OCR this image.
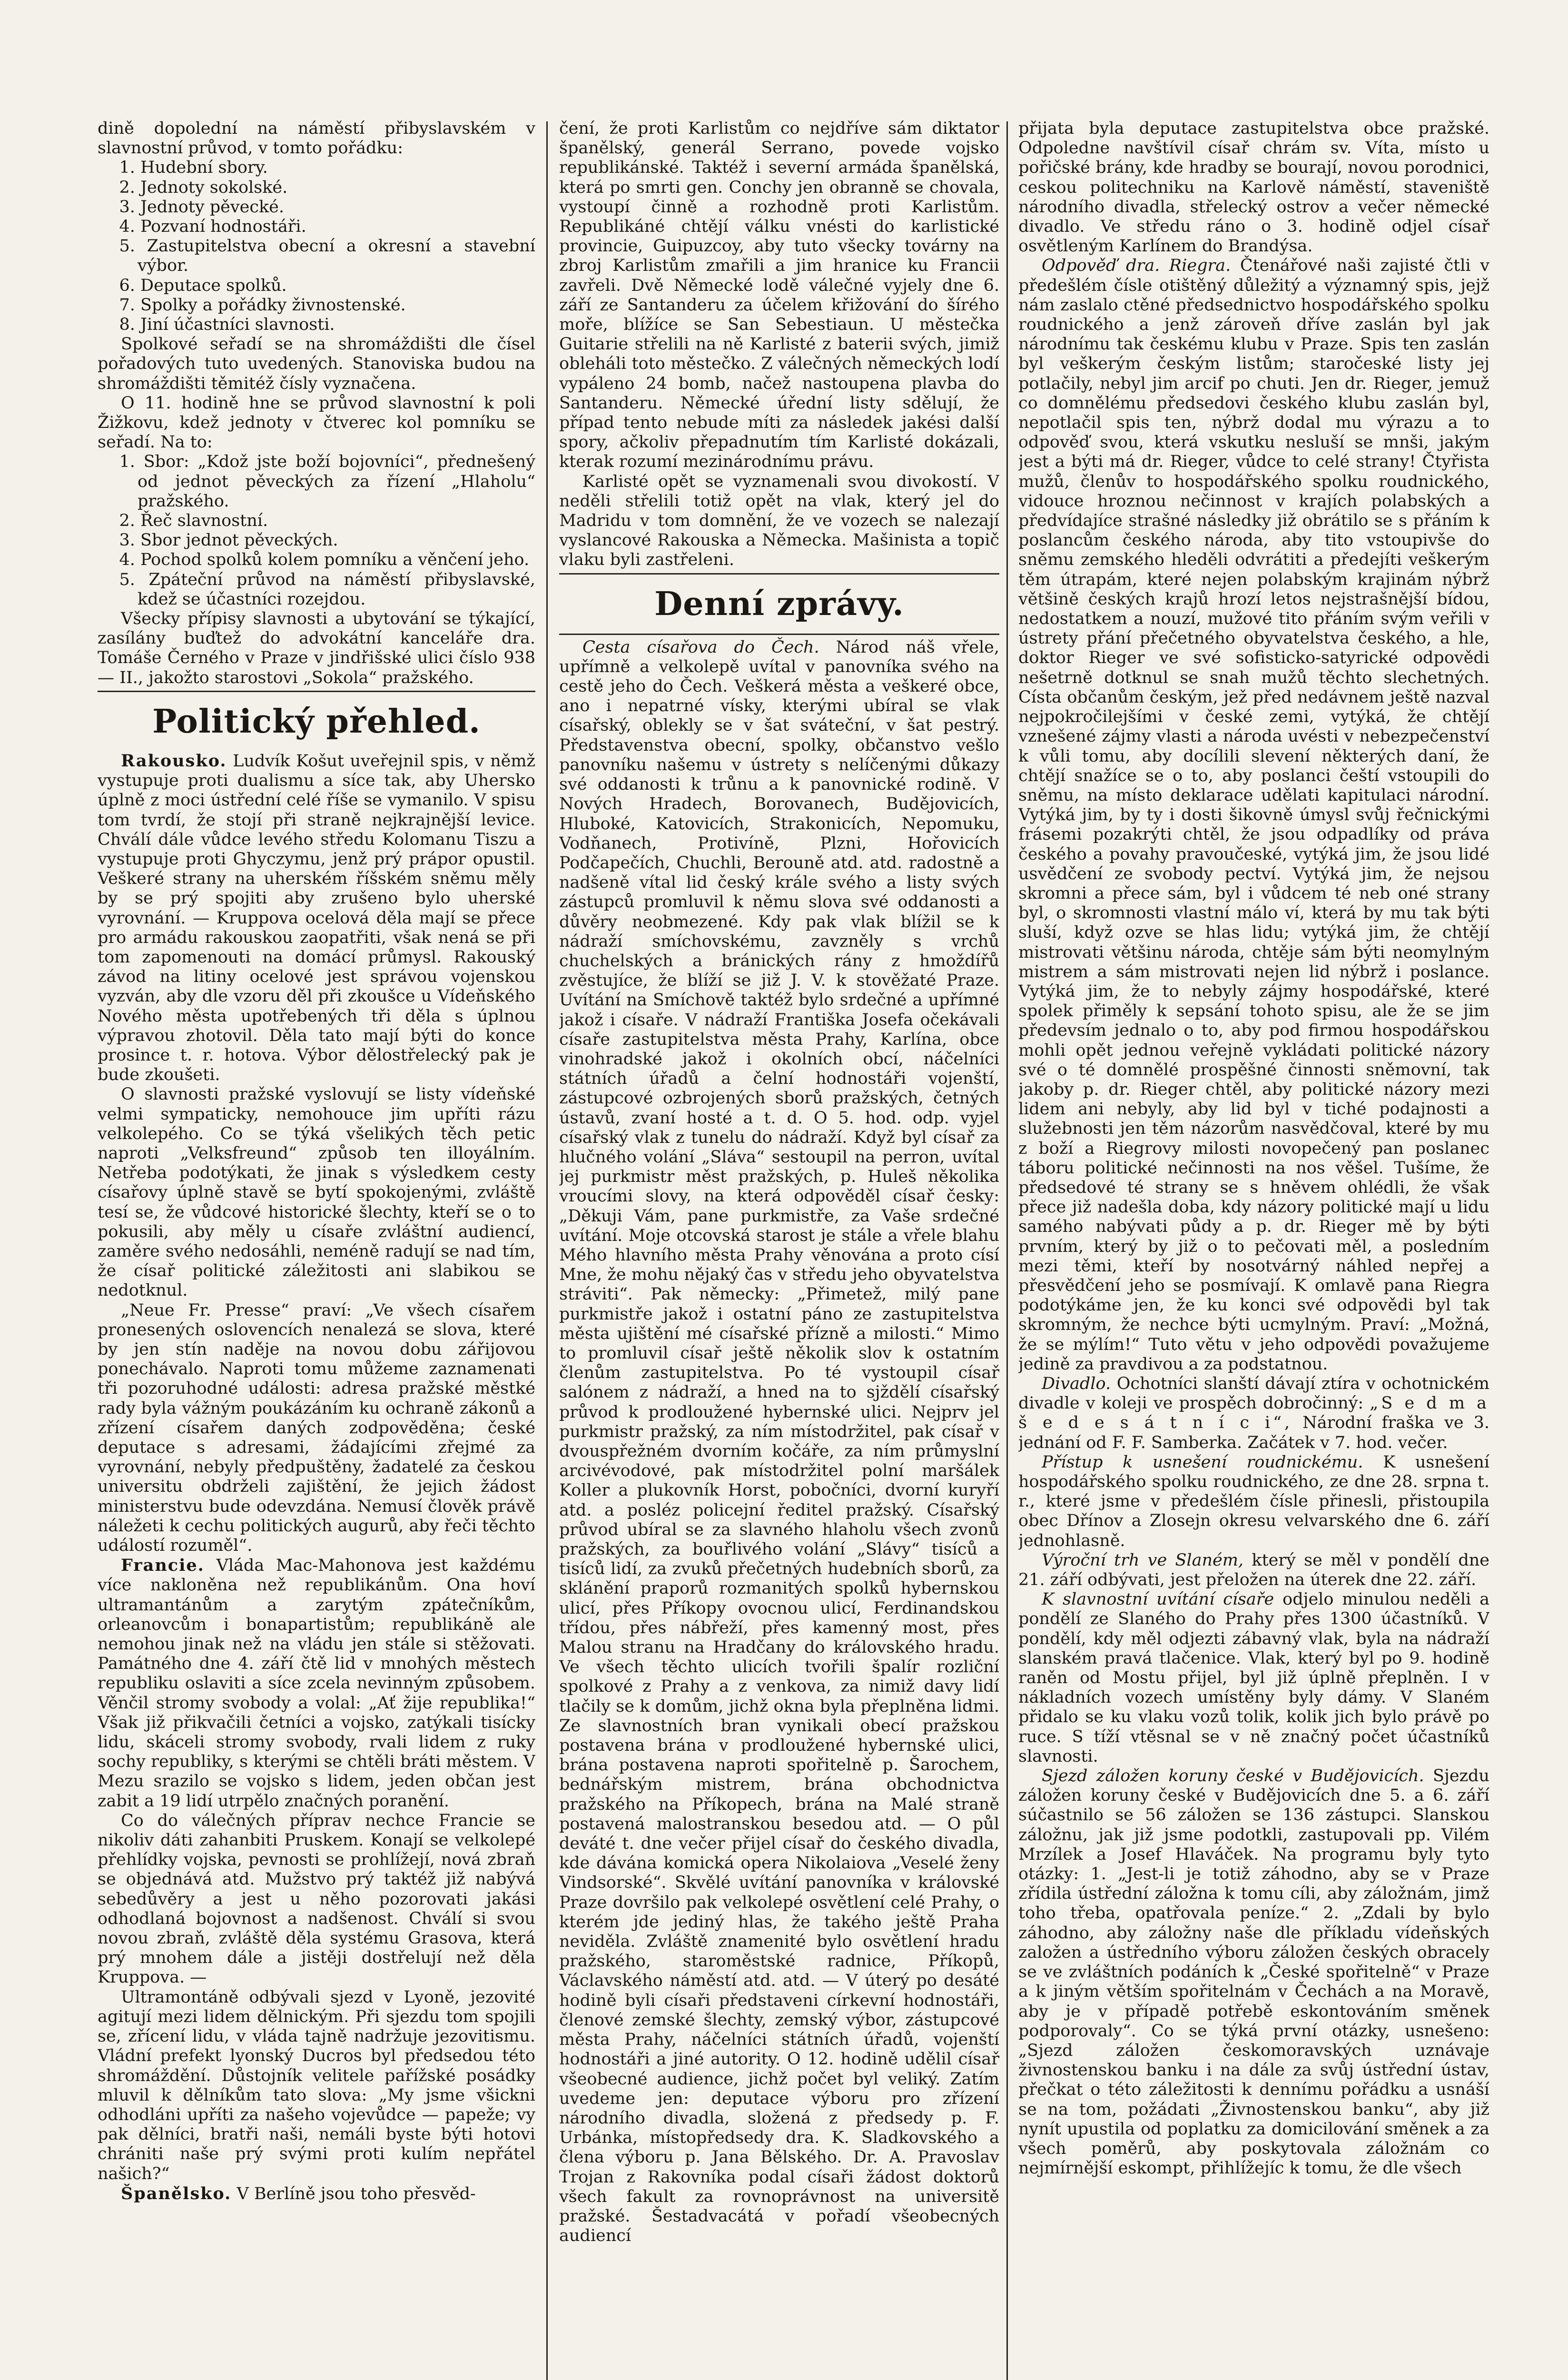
dině dopolední na náměstí přibyslavském v slavnostní průvod, v tomto pořádku:

1. Hudební sbory.
2. Jednoty sokolské.
3. Jednoty pěvecké.
4. Pozvaní hodnostáři.
5. Zastupitelstva obecní a okresní a stavební výbor.
6. Deputace spolků.
7. Spolky a pořádky živnostenské.
8. Jiní účastníci slavnosti.

Spolkové seřadí se na shromáždišti dle čísel pořadových tuto uvedených. Stanoviska budou na shromáždišti těmitéž čísly vyznačena.

O 11. hodině hne se průvod slavnostní k poli Žižkovu, kdež jednoty v čtverec kol pomníku se seřadí. Na to:

1. Sbor: „Kdož jste boží bojovníci“, přednešený od jednot pěveckých za řízení „Hlaholu“ pražského.
2. Řeč slavnostní.
3. Sbor jednot pěveckých.
4. Pochod spolků kolem pomníku a věnčení jeho.
5. Zpáteční průvod na náměstí přibyslavské, kdež se účastníci rozejdou.

Všecky přípisy slavnosti a ubytování se týkající, zasílány buďtež do advokátní kanceláře dra. Tomáše Černého v Praze v jindřišské ulici číslo 938 — II., jakožto starostovi „Sokola“ pražského.

Politický přehled.

Rakousko. Ludvík Košut uveřejnil spis, v němž vystupuje proti dualismu a síce tak, aby Uhersko úplně z moci ústřední celé říše se vymanilo. V spisu tom tvrdí, že stojí při straně nejkrajnější levice. Chválí dále vůdce levého středu Kolomanu Tiszu a vystupuje proti Ghyczymu, jenž prý prápor opustil. Veškeré strany na uherském říšském sněmu měly by se prý spojiti aby zrušeno bylo uherské vyrovnání. — Kruppova ocelová děla mají se přece pro armádu rakouskou zaopatřiti, však nená se při tom zapomenouti na domácí průmysl. Rakouský závod na litiny ocelové jest správou vojenskou vyzván, aby dle vzoru děl při zkoušce u Vídeňského Nového města upotřebených tři děla s úplnou výpravou zhotovil. Děla tato mají býti do konce prosince t. r. hotova. Výbor dělostřelecký pak je bude zkoušeti.

O slavnosti pražské vyslovují se listy vídeňské velmi sympaticky, nemohouce jim upříti rázu velkolepého. Co se týká všelikých těch petic naproti „Velksfreund“ způsob ten illoyálním. Netřeba podotýkati, že jinak s výsledkem cesty císařovy úplně stavě se bytí spokojenými, zvláště tesí se, že vůdcové historické šlechty, kteří se o to pokusili, aby měly u císaře zvláštní audiencí, zaměre svého nedosáhli, neméně radují se nad tím, že císař politické záležitosti ani slabikou se nedotknul.

„Neue Fr. Presse“ praví: „Ve všech císařem pronesených oslovencích nenalezá se slova, které by jen stín naděje na novou dobu zářijovou ponechávalo. Naproti tomu můžeme zaznamenati tři pozoruhodné události: adresa pražské městké rady byla vážným poukázáním ku ochraně zákonů a zřízení císařem daných zodpověděna; české deputace s adresami, žádajícími zřejmé za vyrovnání, nebyly předpuštěny, žadatelé za českou universitu obdrželi zajištění, že jejich žádost ministerstvu bude odevzdána. Nemusí člověk právě náležeti k cechu politických augurů, aby řeči těchto událostí rozuměl“.

Francie. Vláda Mac-Mahonova jest každému více nakloněna než republikánům. Ona hoví ultramantánům a zarytým zpátečníkům, orleanovcům i bonapartistům; republikáně ale nemohou jinak než na vládu jen stále si stěžovati. Památného dne 4. září čtě lid v mnohých městech republiku oslaviti a síce zcela nevinným způsobem. Věnčil stromy svobody a volal: „Ať žije republika!“ Však již přikvačili četníci a vojsko, zatýkali tisícky lidu, skáceli stromy svobody, rvali lidem z ruky sochy republiky, s kterými se chtěli bráti městem. V Mezu srazilo se vojsko s lidem, jeden občan jest zabit a 19 lidí utrpělo značných poranění.

Co do válečných příprav nechce Francie se nikoliv dáti zahanbiti Pruskem. Konají se velkolepé přehlídky vojska, pevnosti se prohlížejí, nová zbraň se objednává atd. Mužstvo prý taktéž již nabývá sebedůvěry a jest u něho pozorovati jakási odhodlaná bojovnost a nadšenost. Chválí si svou novou zbraň, zvláště děla systému Grasova, která prý mnohem dále a jistěji dostřelují než děla Kruppova. —

Ultramontáně odbývali sjezd v Lyoně, jezovité agitují mezi lidem dělnickým. Při sjezdu tom spojili se, zřícení lidu, v vláda tajně nadržuje jezovitismu. Vládní prefekt lyonský Ducros byl předsedou této shromáždění. Důstojník velitele pařížské posádky mluvil k dělníkům tato slova: „My jsme všickni odhodláni upříti za našeho vojevůdce — papeže; vy pak dělníci, bratři naši, nemáli byste býti hotovi chrániti naše prý svými proti kulím nepřátel našich?“

Španělsko. V Berlíně jsou toho přesvěd-

čení, že proti Karlistům co nejdříve sám diktator španělský, generál Serrano, povede vojsko republikánské. Taktéž i severní armáda španělská, která po smrti gen. Conchy jen obranně se chovala, vystoupí činně a rozhodně proti Karlistům. Republikáné chtějí válku vnésti do karlistické provincie, Guipuzcoy, aby tuto všecky továrny na zbroj Karlistům zmařili a jim hranice ku Francii zavřeli. Dvě Německé lodě válečné vyjely dne 6. září ze Santanderu za účelem křižování do šírého moře, blížíce se San Sebestiaun. U městečka Guitarie střelili na ně Karlisté z baterii svých, jimiž obleháli toto městečko. Z válečných německých lodí vypáleno 24 bomb, načež nastoupena plavba do Santanderu. Německé úřední listy sdělují, že případ tento nebude míti za následek jakési další spory, ačkoliv přepadnutím tím Karlisté dokázali, kterak rozumí mezinárodnímu právu.

Karlisté opět se vyznamenali svou divokostí. V neděli střelili totiž opět na vlak, který jel do Madridu v tom domnění, že ve vozech se nalezají vyslancové Rakouska a Německa. Mašinista a topič vlaku byli zastřeleni.

Denní zprávy.

Cesta císařova do Čech. Národ náš vřele, upřímně a velkolepě uvítal v panovníka svého na cestě jeho do Čech. Veškerá města a veškeré obce, ano i nepatrné vísky, kterými ubíral se vlak císařský, oblekly se v šat sváteční, v šat pestrý. Představenstva obecní, spolky, občanstvo vešlo panovníku našemu v ústrety s nelíčenými důkazy své oddanosti k trůnu a k panovnické rodině. V Nových Hradech, Borovanech, Budějovicích, Hluboké, Katovicích, Strakonicích, Nepomuku, Vodňanech, Protivíně, Plzni, Hořovicích Podčapečích, Chuchli, Berouně atd. atd. radostně a nadšeně vítal lid český krále svého a listy svých zástupců promluvil k němu slova své oddanosti a důvěry neobmezené. Kdy pak vlak blížil se k nádraží smíchovskému, zavzněly s vrchů chuchelských a bránických rány z hmoždířů zvěstujíce, že blíží se již J. V. k stověžaté Praze. Uvítání na Smíchově taktéž bylo srdečné a upřímné jakož i císaře. V nádraží Františka Josefa očekávali císaře zastupitelstva města Prahy, Karlína, obce vinohradské jakož i okolních obcí, náčelníci státních úřadů a čelní hodnostáři vojenští, zástupcové ozbrojených sborů pražských, četných ústavů, zvaní hosté a t. d. O 5. hod. odp. vyjel císařský vlak z tunelu do nádraží. Když byl císař za hlučného volání „Sláva“ sestoupil na perron, uvítal jej purkmistr měst pražských, p. Huleš několika vroucími slovy, na která odpověděl císař česky: „Děkuji Vám, pane purkmistře, za Vaše srdečné uvítání. Moje otcovská starost je stále a vřele blahu Mého hlavního města Prahy věnována a proto císí Mne, že mohu nějaký čas v středu jeho obyvatelstva stráviti“. Pak německy: „Přimetež, milý pane purkmistře jakož i ostatní páno ze zastupitelstva města ujištění mé císařské přízně a milosti.“ Mimo to promluvil císař ještě několik slov k ostatním členům zastupitelstva. Po té vystoupil císař salónem z nádraží, a hned na to sjždělí císařský průvod k prodloužené hybernské ulici. Nejprv jel purkmistr pražský, za ním místodržitel, pak císař v dvouspřežném dvorním kočáře, za ním průmyslní arcivévodové, pak místodržitel polní maršálek Koller a plukovník Horst, pobočníci, dvorní kuryří atd. a posléz policejní ředitel pražský. Císařský průvod ubíral se za slavného hlaholu všech zvonů pražských, za bouřlivého volání „Slávy“ tisíců a tisíců lidí, za zvuků přečetných hudebních sborů, za sklánění praporů rozmanitých spolků hybernskou ulicí, přes Příkopy ovocnou ulicí, Ferdinandskou třídou, přes nábřeží, přes kamenný most, přes Malou stranu na Hradčany do královského hradu. Ve všech těchto ulicích tvořili špalír rozliční spolkové z Prahy a z venkova, za nimiž davy lidí tlačily se k domům, jichž okna byla přeplněna lidmi. Ze slavnostních bran vynikali obecí pražskou postavena brána v prodloužené hybernské ulici, brána postavena naproti spořitelně p. Šarochem, bednářským mistrem, brána obchodnictva pražského na Příkopech, brána na Malé straně postavená malostranskou besedou atd. — O půl deváté t. dne večer přijel císař do českého divadla, kde dávána komická opera Nikolaiova „Veselé ženy Vindsorské“. Skvělé uvítání panovníka v královské Praze dovršilo pak velkolepé osvětlení celé Prahy, o kterém jde jediný hlas, že takého ještě Praha neviděla. Zvláště znamenité bylo osvětlení hradu pražského, staroměstské radnice, Příkopů, Václavského náměstí atd. atd. — V úterý po desáté hodině byli císaři představeni církevní hodnostáři, členové zemské šlechty, zemský výbor, zástupcové města Prahy, náčelníci státních úřadů, vojenští hodnostáři a jiné autority. O 12. hodině udělil císař všeobecné audience, jichž počet byl veliký. Zatím uvedeme jen: deputace výboru pro zřízení národního divadla, složená z předsedy p. F. Urbánka, místopředsedy dra. K. Sladkovského a člena výboru p. Jana Bělského. Dr. A. Pravoslav Trojan z Rakovníka podal císaři žádost doktorů všech fakult za rovnoprávnost na universitě pražské. Šestadvacátá v pořadí všeobecných audiencí

přijata byla deputace zastupitelstva obce pražské. Odpoledne navštívil císař chrám sv. Víta, místo u pořičské brány, kde hradby se bourají, novou porodnici, ceskou politechniku na Karlově náměstí, staveniště národního divadla, střelecký ostrov a večer německé divadlo. Ve středu ráno o 3. hodině odjel císař osvětleným Karlínem do Brandýsa.

Odpověď dra. Riegra. Čtenářové naši zajisté čtli v předešlém čísle otištěný důležitý a významný spis, jejž nám zaslalo ctěné předsednictvo hospodářského spolku roudnického a jenž zároveň dříve zaslán byl jak národnímu tak českému klubu v Praze. Spis ten zaslán byl veškerým českým listům; staročeské listy jej potlačily, nebyl jim arcif po chuti. Jen dr. Rieger, jemuž co domnělému předsedovi českého klubu zaslán byl, nepotlačil spis ten, nýbrž dodal mu výrazu a to odpověď svou, která vskutku nesluší se mnši, jakým jest a býti má dr. Rieger, vůdce to celé strany! Čtyřista mužů, členův to hospodářského spolku roudnického, vidouce hroznou nečinnost v krajích polabských a předvídajíce strašné následky již obrátilo se s přáním k poslancům českého národa, aby tito vstoupivše do sněmu zemského hleděli odvrátiti a předejíti veškerým těm útrapám, které nejen polabským krajinám nýbrž většině českých krajů hrozí letos nejstrašnější bídou, nedostatkem a nouzí, mužové tito přáním svým veřili v ústrety přání přečetného obyvatelstva českého, a hle, doktor Rieger ve své sofisticko-satyrické odpovědi nešetrně dotknul se snah mužů těchto slechetných. Císta občanům českým, jež před nedávnem ještě nazval nejpokročilejšími v české zemi, vytýká, že chtějí vznešené zájmy vlasti a národa uvésti v nebezpečenství k vůli tomu, aby docílili slevení některých daní, že chtějí snažíce se o to, aby poslanci čeští vstoupili do sněmu, na místo deklarace udělati kapitulaci národní. Vytýká jim, by ty i dosti šikovně úmysl svůj řečnickými frásemi pozakrýti chtěl, že jsou odpadlíky od práva českého a povahy pravoučeské, vytýká jim, že jsou lidé usvědčení ze svobody pectví. Vytýká jim, že nejsou skromni a přece sám, byl i vůdcem té neb oné strany byl, o skromnosti vlastní málo ví, která by mu tak býti sluší, když ozve se hlas lidu; vytýká jim, že chtějí mistrovati většinu národa, chtěje sám býti neomylným mistrem a sám mistrovati nejen lid nýbrž i poslance. Vytýká jim, že to nebyly zájmy hospodářské, které spolek přiměly k sepsání tohoto spisu, ale že se jim předevsím jednalo o to, aby pod firmou hospodářskou mohli opět jednou veřejně vykládati politické názory své o té domnělé prospěšné činnosti sněmovní, tak jakoby p. dr. Rieger chtěl, aby politické názory mezi lidem ani nebyly, aby lid byl v tiché podajnosti a služebnosti jen těm názorům nasvědčoval, které by mu z boží a Riegrovy milosti novopečený pan poslanec táboru politické nečinnosti na nos věšel. Tušíme, že předsedové té strany se s hněvem ohlédli, že však přece již nadešla doba, kdy názory politické mají u lidu samého nabývati půdy a p. dr. Rieger mě by býti prvním, který by již o to pečovati měl, a posledním mezi těmi, kteří by nosotvárný náhled nepřej a přesvědčení jeho se posmívají. K omlavě pana Riegra podotýkáme jen, že ku konci své odpovědi byl tak skromným, že nechce býti ucmylným. Praví: „Možná, že se mýlím!“ Tuto větu v jeho odpovědi považujeme jedině za pravdivou a za podstatnou.

Divadlo. Ochotníci slanští dávají ztíra v ochotnickém divadle v koleji ve prospěch dobročinný: „S e d m a š e d e s á t n í c i“, Národní fraška ve 3. jednání od F. F. Samberka. Začátek v 7. hod. večer.

Přístup k usnešení roudnickému. K usnešení hospodářského spolku roudnického, ze dne 28. srpna t. r., které jsme v předešlém čísle přinesli, přistoupila obec Dřínov a Zlosejn okresu velvarského dne 6. září jednohlasně.

Výroční trh ve Slaném, který se měl v pondělí dne 21. září odbývati, jest přeložen na úterek dne 22. září.

K slavnostní uvítání císaře odjelo minulou neděli a pondělí ze Slaného do Prahy přes 1300 účastníků. V pondělí, kdy měl odjezti zábavný vlak, byla na nádraží slanském pravá tlačenice. Vlak, který byl po 9. hodině raněn od Mostu přijel, byl již úplně přeplněn. I v nákladních vozech umístěny byly dámy. V Slaném přidalo se ku vlaku vozů tolik, kolik jich bylo právě po ruce. S tíží vtěsnal se v ně značný počet účastníků slavnosti.

Sjezd záložen koruny české v Budějovicích. Sjezdu záložen koruny české v Budějovicích dne 5. a 6. září súčastnilo se 56 záložen se 136 zástupci. Slanskou záložnu, jak již jsme podotkli, zastupovali pp. Vilém Mrzílek a Josef Hlaváček. Na programu byly tyto otázky: 1. „Jest-li je totiž záhodno, aby se v Praze zřídila ústřední záložna k tomu cíli, aby záložnám, jimž toho třeba, opatřovala peníze.“ 2. „Zdali by bylo záhodno, aby záložny naše dle příkladu vídeňských založen a ústředního výboru záložen českých obracely se ve zvláštních podáních k „České spořitelně“ v Praze a k jiným větším spořitelnám v Čechách a na Moravě, aby je v případě potřebě eskontováním směnek podporovaly“. Co se týká první otázky, usnešeno: „Sjezd záložen českomoravských uznávaje živnostenskou banku i na dále za svůj ústřední ústav, přečkat o této záležitosti k dennímu pořádku a usnáší se na tom, požádati „Živnostenskou banku“, aby již nynít upustila od poplatku za domicilování směnek a za všech poměrů, aby poskytovala záložnám co nejmírnější eskompt, přihlížejíc k tomu, že dle všech
